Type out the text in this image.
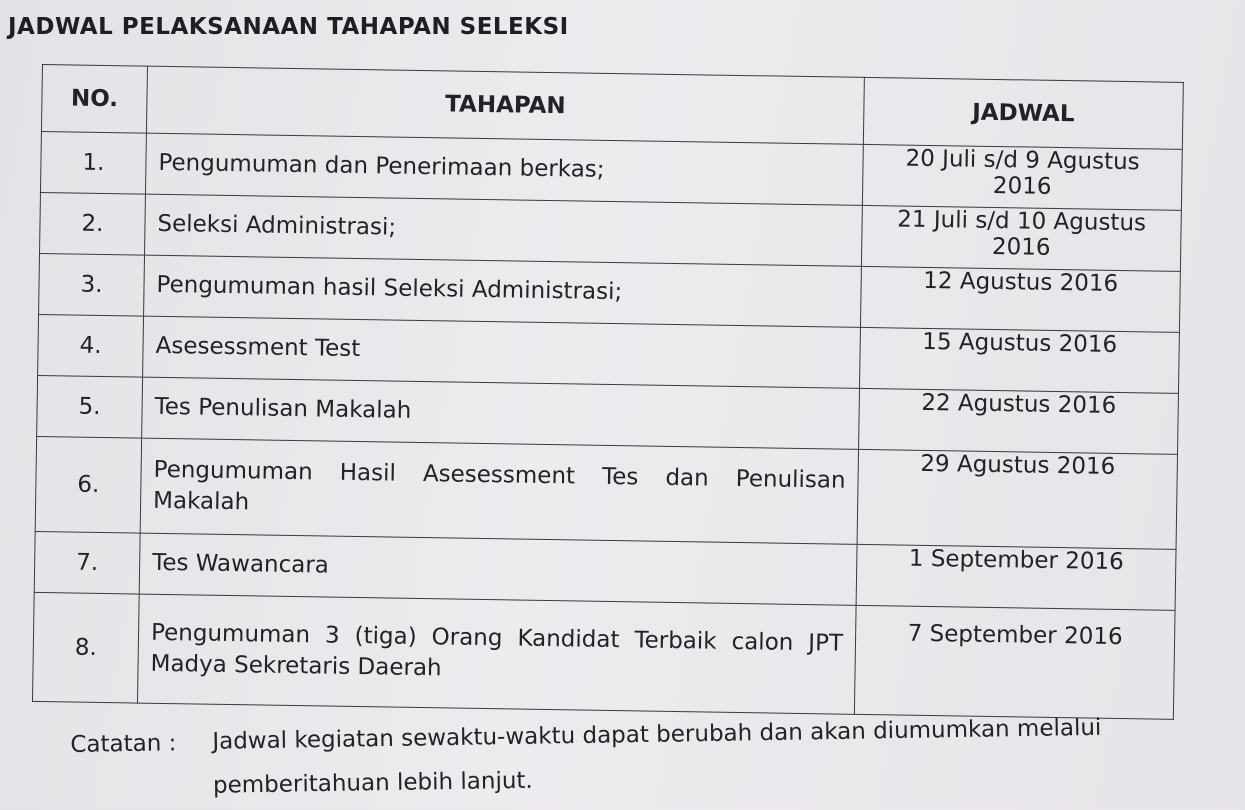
JADWAL PELAKSANAAN TAHAPAN SELEKSI
NO.	TAHAPAN	JADWAL
1.	Pengumuman dan Penerimaan berkas;	20 Juli s/d 9 Agustus 2016
2.	Seleksi Administrasi;	21 Juli s/d 10 Agustus 2016
3.	Pengumuman hasil Seleksi Administrasi;	12 Agustus 2016
4.	Asesessment Test	15 Agustus 2016
5.	Tes Penulisan Makalah	22 Agustus 2016
6.	Pengumuman Hasil Asesessment Tes dan Penulisan Makalah	29 Agustus 2016
7.	Tes Wawancara	1 September 2016
8.	Pengumuman 3 (tiga) Orang Kandidat Terbaik calon JPT Madya Sekretaris Daerah	7 September 2016
Catatan : Jadwal kegiatan sewaktu-waktu dapat berubah dan akan diumumkan melalui pemberitahuan lebih lanjut.
